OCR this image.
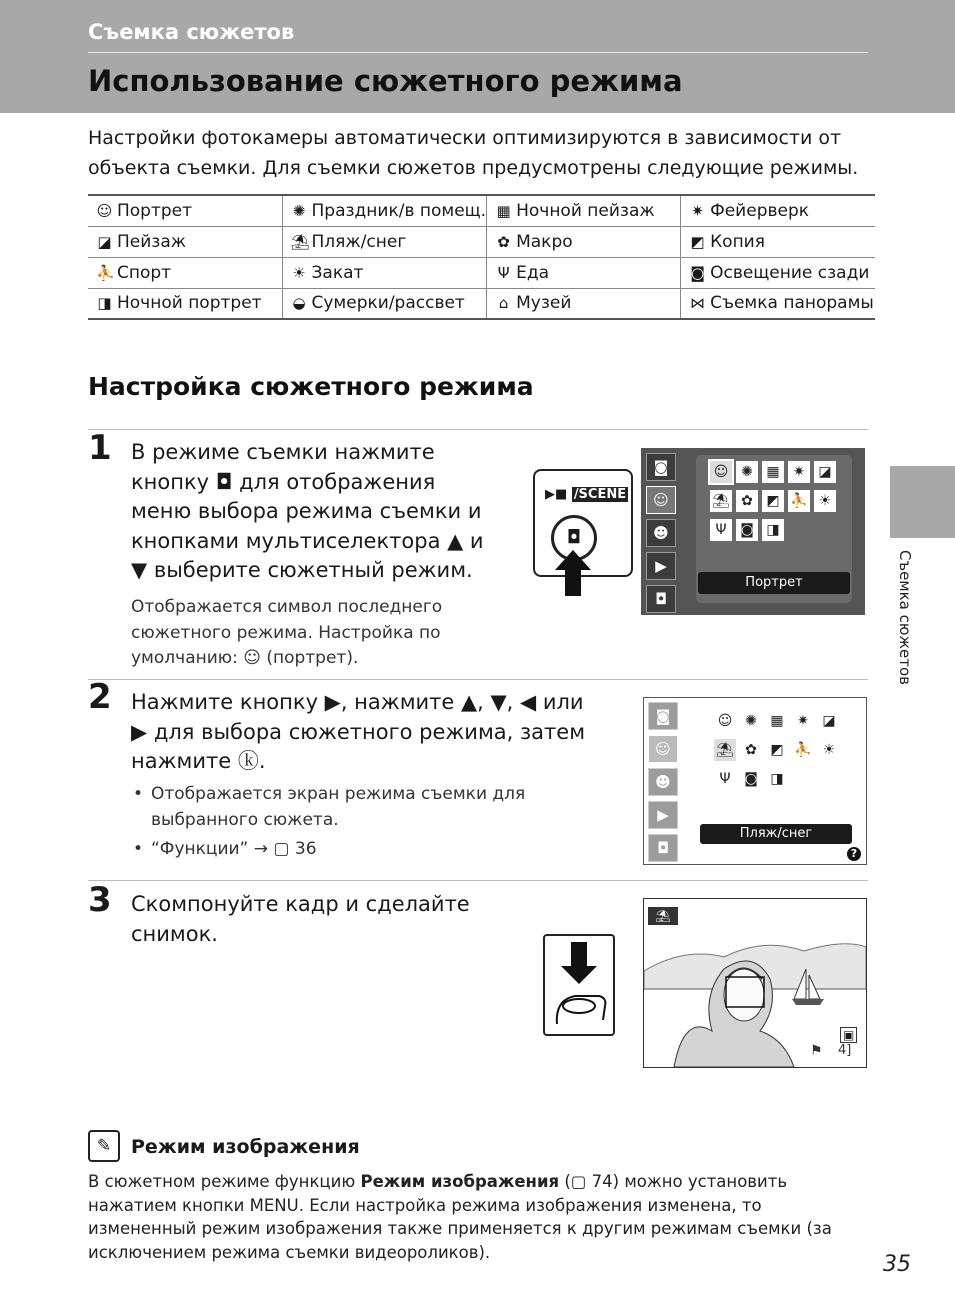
Съемка сюжетов
Использование сюжетного режима
Настройки фотокамеры автоматически оптимизируются в зависимости от объекта съемки. Для съемки сюжетов предусмотрены следующие режимы.
☺ Портрет	✺ Праздник/в помещ.	▦ Ночной пейзаж	✷ Фейерверк
◪ Пейзаж	⛱ Пляж/снег	✿ Макро	◩ Копия
⛹ Спорт	☀ Закат	Ψ Еда	◙ Освещение сзади
◨ Ночной портрет	◒ Сумерки/рассвет	⌂ Музей	⋈ Съемка панорамы
Настройка сюжетного режима
1 В режиме съемки нажмите
кнопку ◘ для отображения
меню выбора режима съемки и
кнопками мультиселектора ▲ и
▼ выберите сюжетный режим.
Отображается символ последнего
сюжетного режима. Настройка по
умолчанию: ☺ (портрет).
▶■ /SCENE
◘
◙
☺
☻
▶
◘
☺ ✺ ▦ ✷ ◪
⛱ ✿ ◩ ⛹ ☀
Ψ ◙ ◨
Портрет
2 Нажмите кнопку ▶, нажмите ▲, ▼, ◀ или
▶ для выбора сюжетного режима, затем
нажмите ⓚ.
• Отображается экран режима съемки для
выбранного сюжета.
• “Функции” → ▢ 36
◙
☺
☻
▶
◘
☺ ✺ ▦ ✷ ◪
⛱ ✿ ◩ ⛹ ☀
Ψ ◙ ◨
Пляж/снег
?
3 Скомпонуйте кадр и сделайте
снимок.
⛱
▣
⚑ 4]
Съемка сюжетов
✎	Режим изображения
В сюжетном режиме функцию Режим изображения (▢ 74) можно установить нажатием кнопки MENU. Если настройка режима изображения изменена, то измененный режим изображения также применяется к другим режимам съемки (за исключением режима съемки видеороликов).	35
